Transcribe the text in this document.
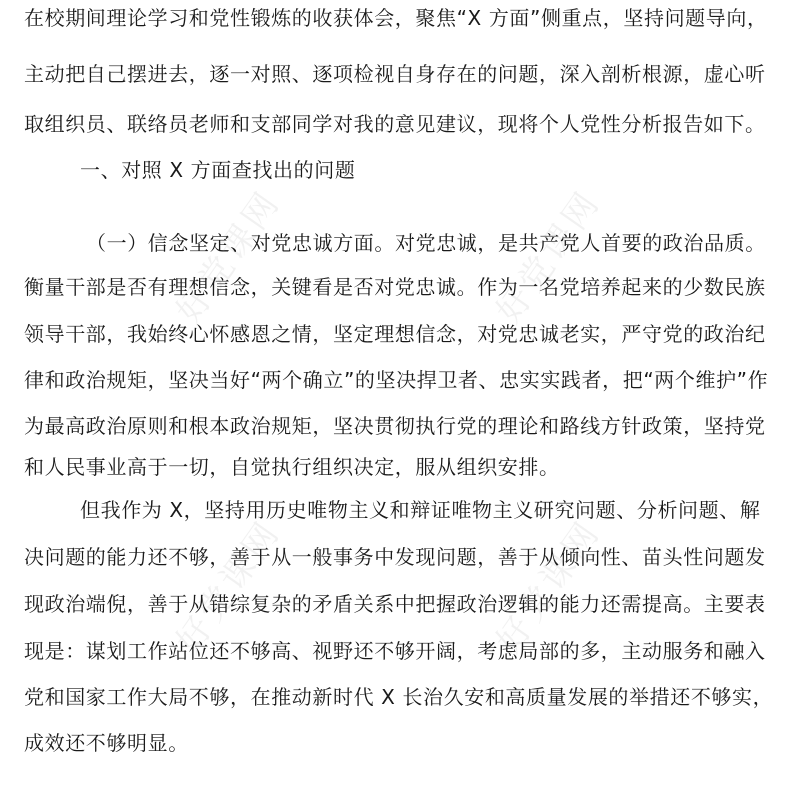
好党课网	好党课网
好党课网	好党课网
在校期间理论学习和党性锻炼的收获体会，聚焦“X 方面”侧重点，坚持问题导向，
主动把自己摆进去，逐一对照、逐项检视自身存在的问题，深入剖析根源，虚心听
取组织员、联络员老师和支部同学对我的意见建议，现将个人党性分析报告如下。
一、对照 X 方面查找出的问题
（一）信念坚定、对党忠诚方面。对党忠诚，是共产党人首要的政治品质。
衡量干部是否有理想信念，关键看是否对党忠诚。作为一名党培养起来的少数民族
领导干部，我始终心怀感恩之情，坚定理想信念，对党忠诚老实，严守党的政治纪
律和政治规矩，坚决当好“两个确立”的坚决捍卫者、忠实实践者，把“两个维护”作
为最高政治原则和根本政治规矩，坚决贯彻执行党的理论和路线方针政策，坚持党
和人民事业高于一切，自觉执行组织决定，服从组织安排。
但我作为 X，坚持用历史唯物主义和辩证唯物主义研究问题、分析问题、解
决问题的能力还不够，善于从一般事务中发现问题，善于从倾向性、苗头性问题发
现政治端倪，善于从错综复杂的矛盾关系中把握政治逻辑的能力还需提高。主要表
现是：谋划工作站位还不够高、视野还不够开阔，考虑局部的多，主动服务和融入
党和国家工作大局不够，在推动新时代 X 长治久安和高质量发展的举措还不够实，
成效还不够明显。
